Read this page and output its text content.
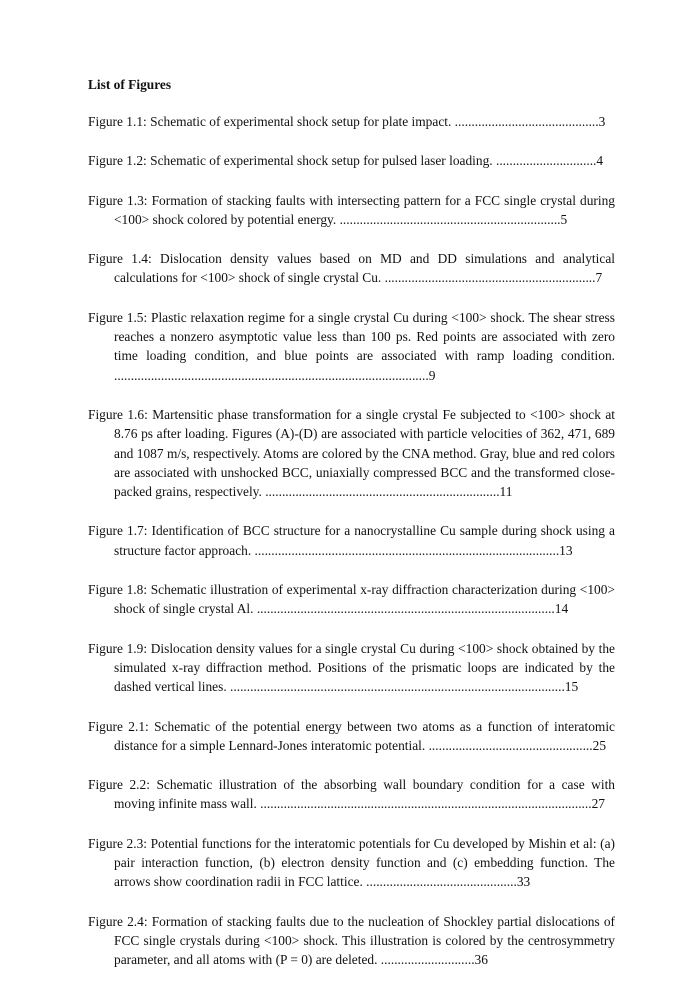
List of Figures
Figure 1.1: Schematic of experimental shock setup for plate impact. ...........................................3
Figure 1.2: Schematic of experimental shock setup for pulsed laser loading. ..............................4
Figure 1.3: Formation of stacking faults with intersecting pattern for a FCC single crystal during <100> shock colored by potential energy. ..................................................................5
Figure 1.4: Dislocation density values based on MD and DD simulations and analytical calculations for <100> shock of single crystal Cu. ...............................................................7
Figure 1.5: Plastic relaxation regime for a single crystal Cu during <100> shock. The shear stress reaches a nonzero asymptotic value less than 100 ps. Red points are associated with zero time loading condition, and blue points are associated with ramp loading condition. ..............................................................................................9
Figure 1.6: Martensitic phase transformation for a single crystal Fe subjected to <100> shock at 8.76 ps after loading. Figures (A)-(D) are associated with particle velocities of 362, 471, 689 and 1087 m/s, respectively. Atoms are colored by the CNA method. Gray, blue and red colors are associated with unshocked BCC, uniaxially compressed BCC and the transformed close-packed grains, respectively. ......................................................................11
Figure 1.7: Identification of BCC structure for a nanocrystalline Cu sample during shock using a structure factor approach. ...........................................................................................13
Figure 1.8: Schematic illustration of experimental x-ray diffraction characterization during <100> shock of single crystal Al. .........................................................................................14
Figure 1.9: Dislocation density values for a single crystal Cu during <100> shock obtained by the simulated x-ray diffraction method. Positions of the prismatic loops are indicated by the dashed vertical lines. ....................................................................................................15
Figure 2.1: Schematic of the potential energy between two atoms as a function of interatomic distance for a simple Lennard-Jones interatomic potential. .................................................25
Figure 2.2: Schematic illustration of the absorbing wall boundary condition for a case with moving infinite mass wall. ...................................................................................................27
Figure 2.3: Potential functions for the interatomic potentials for Cu developed by Mishin et al: (a) pair interaction function, (b) electron density function and (c) embedding function. The arrows show coordination radii in FCC lattice. .............................................33
Figure 2.4: Formation of stacking faults due to the nucleation of Shockley partial dislocations of FCC single crystals during <100> shock. This illustration is colored by the centrosymmetry parameter, and all atoms with (P = 0) are deleted. ............................36
